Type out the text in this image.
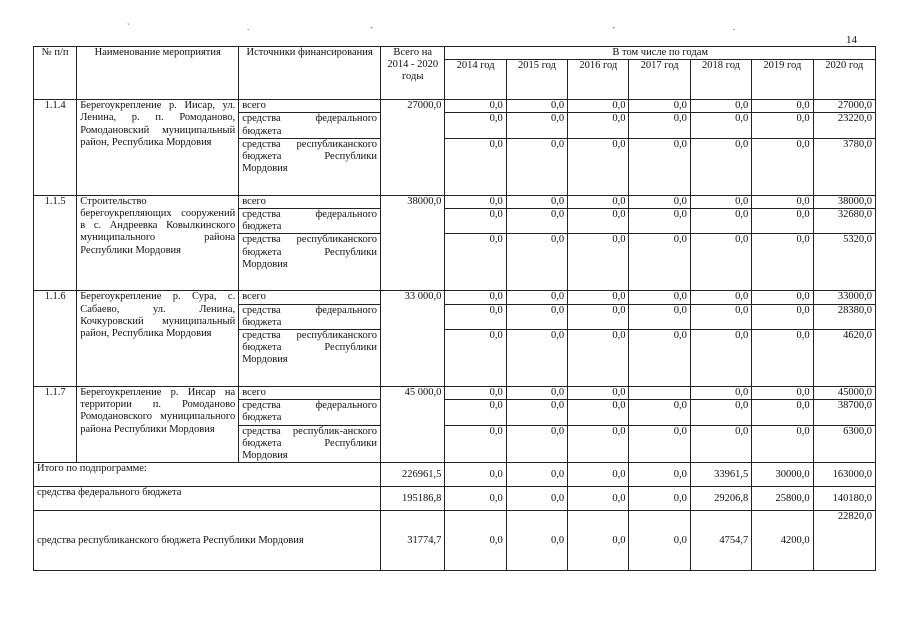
14
`	.	-	-	.
№ п/п	Наименование мероприятия	Источники финансирования	Всего на 2014 - 2020 годы	В том числе по годам						
				2014 год	2015 год	2016 год	2017 год	2018 год	2019 год	2020 год
1.1.4	Берегоукрепление р. Иисар, ул. Ленина, р. п. Ромоданово, Ромодановский муниципальный район, Республика Мордовия	всего	27000,0	0,0	0,0	0,0	0,0	0,0	0,0	27000,0
		средства федерального бюджета		0,0	0,0	0,0	0,0	0,0	0,0	23220,0
		средства республиканского бюджета Республики Мордовия		0,0	0,0	0,0	0,0	0,0	0,0	3780,0
1.1.5	Строительство берегоукрепляющих сооружений в с. Андреевка Ковылкинского муниципального района Республики Мордовия	всего	38000,0	0,0	0,0	0,0	0,0	0,0	0,0	38000,0
		средства федерального бюджета		0,0	0,0	0,0	0,0	0,0	0,0	32680,0
		средства республиканского бюджета Республики Мордовия		0,0	0,0	0,0	0,0	0,0	0,0	5320,0
1.1.6	Берегоукрепление р. Сура, с. Сабаево, ул. Ленина, Кочкуровский муниципальный район, Республика Мордовия	всего	33 000,0	0,0	0,0	0,0	0,0	0,0	0,0	33000,0
		средства федерального бюджета		0,0	0,0	0,0	0,0	0,0	0,0	28380,0
		средства республиканского бюджета Республики Мордовия		0,0	0,0	0,0	0,0	0,0	0,0	4620,0
1.1.7	Берегоукрепление р. Инсар на территории п. Ромоданово Ромодановского муниципального района Республики Мордовия	всего	45 000,0	0,0	0,0	0,0		0,0	0,0	45000,0
		средства федерального бюджета		0,0	0,0	0,0	0,0	0,0	0,0	38700,0
		средства республик-анского бюджета Республики Мордовия		0,0	0,0	0,0	0,0	0,0	0,0	6300,0
Итого по подпрограмме:			226961,5	0,0	0,0	0,0	0,0	33961,5	30000,0	163000,0
средства федерального бюджета			195186,8	0,0	0,0	0,0	0,0	29206,8	25800,0	140180,0
средства республиканского бюджета Республики Мордовия			31774,7	0,0	0,0	0,0	0,0	4754,7	4200,0	22820,0
